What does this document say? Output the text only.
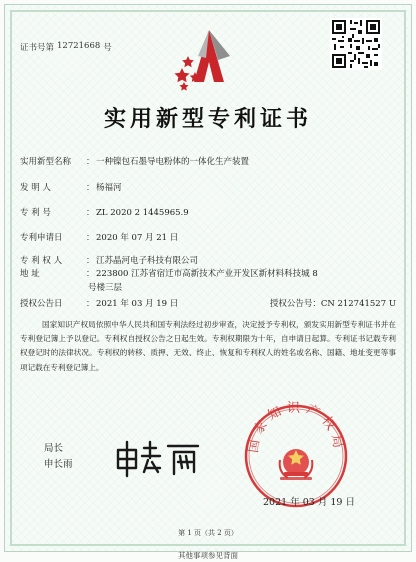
证书号第 12721668 号
实用新型专利证书
实用新型名称	： 一种镍包石墨导电粉体的一体化生产装置
发 明 人	： 杨福河
专 利 号	： ZL 2020 2 1445965.9
专利申请日	： 2020 年 07 月 21 日
专 利 权 人	： 江苏晶河电子科技有限公司
地 址	： 223800 江苏省宿迁市高新技术产业开发区新材料科技城 8
号楼三层
授权公告日	： 2021 年 03 月 19 日	授权公告号：CN 212741527 U

国家知识产权局依照中华人民共和国专利法经过初步审查，决定授予专利权，颁发实用新型专利证书并在专利登记簿上予以登记。专利权自授权公告之日起生效。专利权期限为十年，自申请日起算。专利证书记载专利权登记时的法律状况。专利权的转移、质押、无效、终止、恢复和专利权人的姓名或名称、国籍、地址变更等事项记载在专利登记簿上。

局长
申长雨
国家知识产权局
2021 年 03 月 19 日
第 1 页（共 2 页）
其他事项参见背面
